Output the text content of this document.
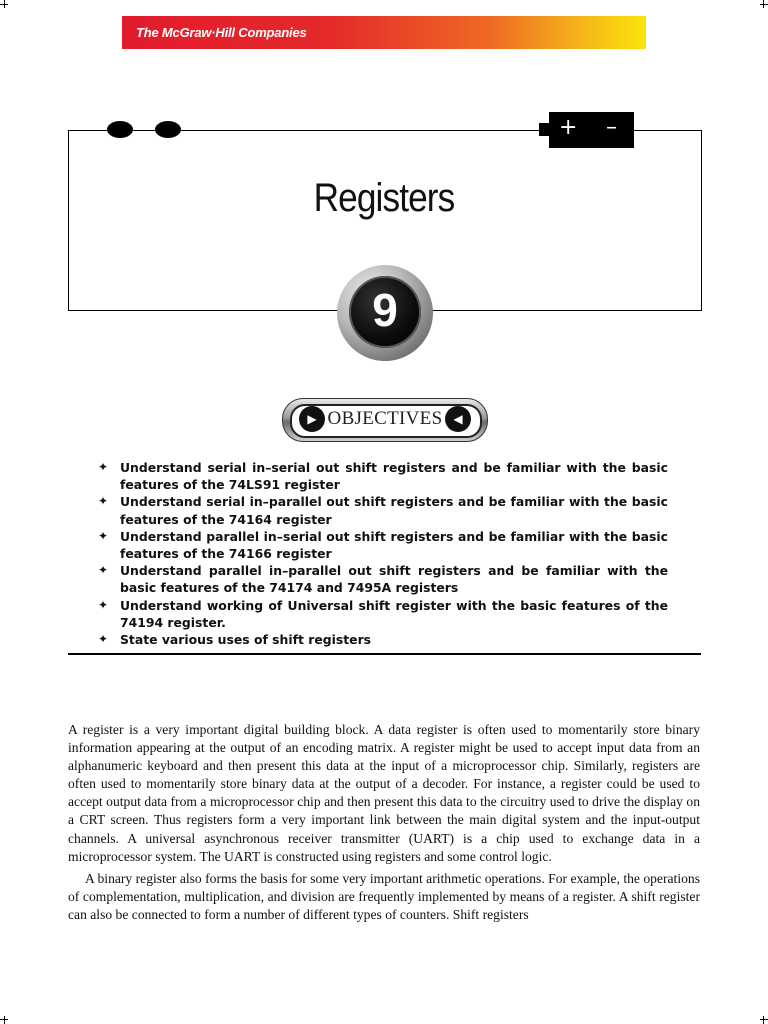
The McGraw·Hill Companies
+ –
Registers
9
▶ OBJECTIVES ◀
✦ Understand serial in–serial out shift registers and be familiar with the basic features of the 74LS91 register
✦ Understand serial in–parallel out shift registers and be familiar with the basic features of the 74164 register
✦ Understand parallel in–serial out shift registers and be familiar with the basic features of the 74166 register
✦ Understand parallel in–parallel out shift registers and be familiar with the basic features of the 74174 and 7495A registers
✦ Understand working of Universal shift register with the basic features of the 74194 register.
✦ State various uses of shift registers

A register is a very important digital building block. A data register is often used to momentarily store binary information appearing at the output of an encoding matrix. A register might be used to accept input data from an alphanumeric keyboard and then present this data at the input of a microprocessor chip. Similarly, registers are often used to momentarily store binary data at the output of a decoder. For instance, a register could be used to accept output data from a microprocessor chip and then present this data to the circuitry used to drive the display on a CRT screen. Thus registers form a very important link between the main digital system and the input-output channels. A universal asynchronous receiver transmitter (UART) is a chip used to exchange data in a microprocessor system. The UART is constructed using registers and some control logic.

A binary register also forms the basis for some very important arithmetic operations. For example, the operations of complementation, multiplication, and division are frequently implemented by means of a register. A shift register can also be connected to form a number of different types of counters. Shift registers
